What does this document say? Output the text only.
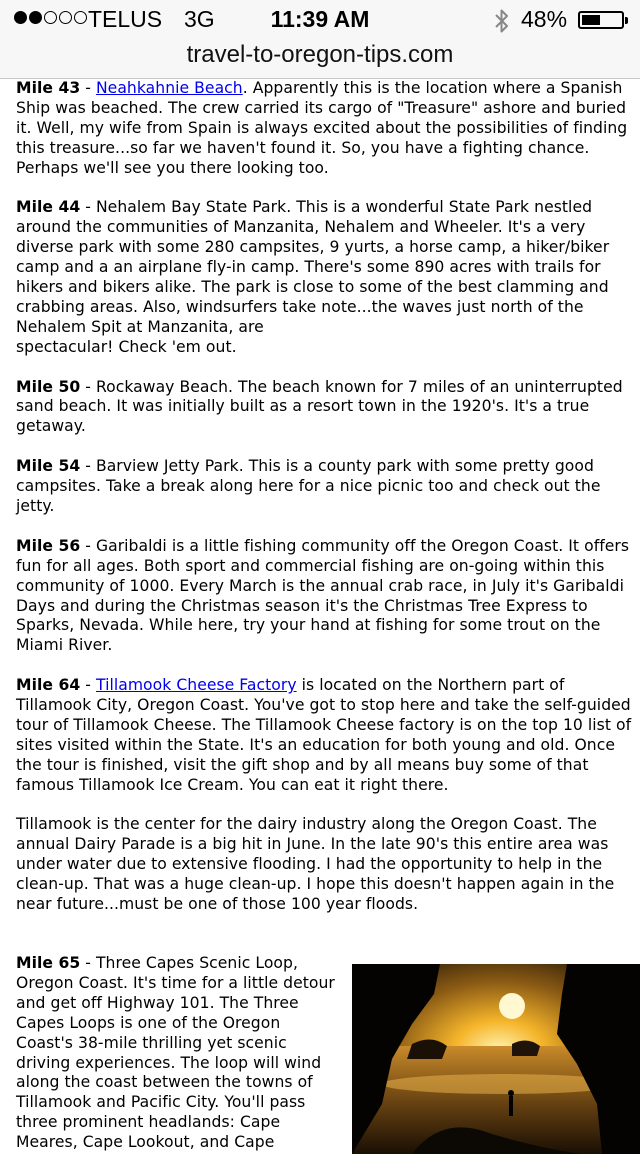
TELUS 3G	11:39 AM	48%
travel-to-oregon-tips.com

Mile 43 - Neahkahnie Beach. Apparently this is the location where a Spanish Ship was beached. The crew carried its cargo of "Treasure" ashore and buried it. Well, my wife from Spain is always excited about the possibilities of finding this treasure...so far we haven't found it. So, you have a fighting chance. Perhaps we'll see you there looking too.

Mile 44 - Nehalem Bay State Park. This is a wonderful State Park nestled around the communities of Manzanita, Nehalem and Wheeler. It's a very diverse park with some 280 campsites, 9 yurts, a horse camp, a hiker/biker camp and a an airplane fly-in camp. There's some 890 acres with trails for hikers and bikers alike. The park is close to some of the best clamming and crabbing areas. Also, windsurfers take note...the waves just north of the Nehalem Spit at Manzanita, are
spectacular! Check 'em out.

Mile 50 - Rockaway Beach. The beach known for 7 miles of an uninterrupted sand beach. It was initially built as a resort town in the 1920's. It's a true getaway.

Mile 54 - Barview Jetty Park. This is a county park with some pretty good campsites. Take a break along here for a nice picnic too and check out the jetty.

Mile 56 - Garibaldi is a little fishing community off the Oregon Coast. It offers fun for all ages. Both sport and commercial fishing are on-going within this community of 1000. Every March is the annual crab race, in July it's Garibaldi Days and during the Christmas season it's the Christmas Tree Express to Sparks, Nevada. While here, try your hand at fishing for some trout on the Miami River.

Mile 64 - Tillamook Cheese Factory is located on the Northern part of Tillamook City, Oregon Coast. You've got to stop here and take the self-guided tour of Tillamook Cheese. The Tillamook Cheese factory is on the top 10 list of sites visited within the State. It's an education for both young and old. Once the tour is finished, visit the gift shop and by all means buy some of that famous Tillamook Ice Cream. You can eat it right there.

Tillamook is the center for the dairy industry along the Oregon Coast. The annual Dairy Parade is a big hit in June. In the late 90's this entire area was under water due to extensive flooding. I had the opportunity to help in the clean-up. That was a huge clean-up. I hope this doesn't happen again in the near future...must be one of those 100 year floods.

Mile 65 - Three Capes Scenic Loop, Oregon Coast. It's time for a little detour and get off Highway 101. The Three Capes Loops is one of the Oregon Coast's 38-mile thrilling yet scenic driving experiences. The loop will wind along the coast between the towns of Tillamook and Pacific City. You'll pass three prominent headlands: Cape Meares, Cape Lookout, and Cape
